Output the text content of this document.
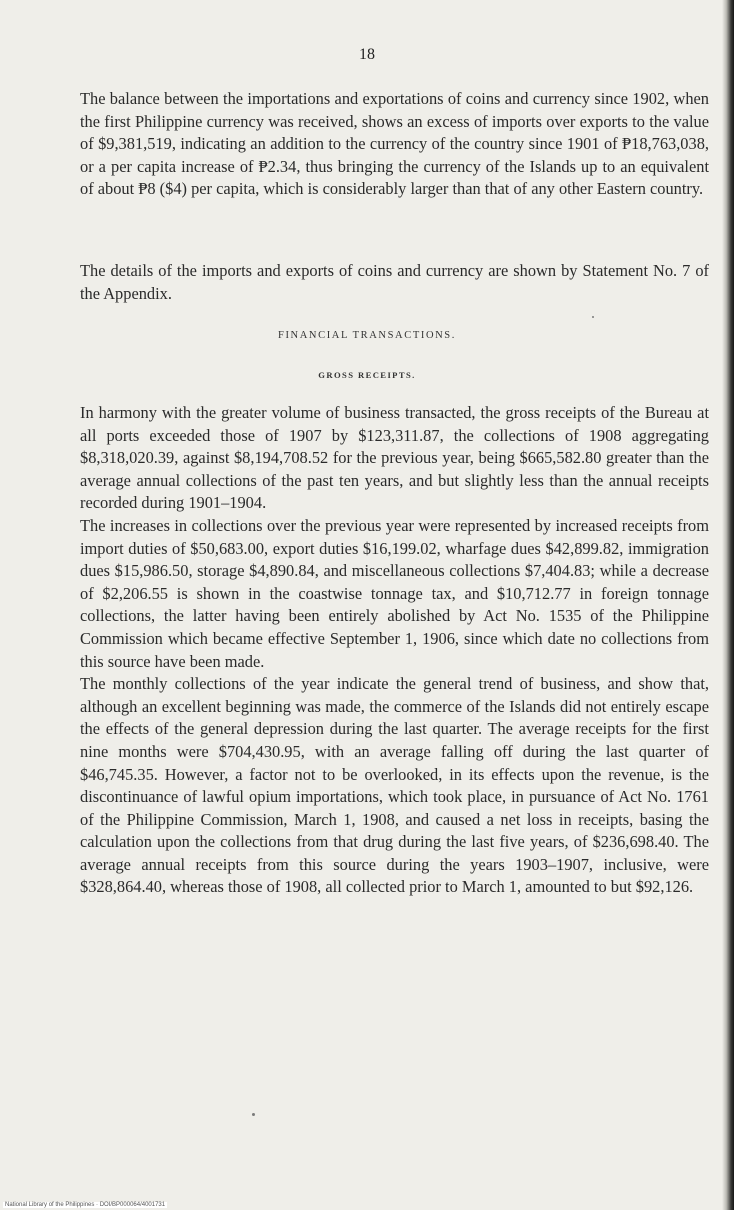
18

The balance between the importations and exportations of coins and currency since 1902, when the first Philippine currency was received, shows an excess of imports over exports to the value of $9,381,519, indicating an addition to the currency of the country since 1901 of ₱18,763,038, or a per capita increase of ₱2.34, thus bringing the currency of the Islands up to an equivalent of about ₱8 ($4) per capita, which is considerably larger than that of any other Eastern country.

The details of the imports and exports of coins and currency are shown by Statement No. 7 of the Appendix.

FINANCIAL TRANSACTIONS.
GROSS RECEIPTS.

In harmony with the greater volume of business transacted, the gross receipts of the Bureau at all ports exceeded those of 1907 by $123,311.87, the collections of 1908 aggregating $8,318,020.39, against $8,194,708.52 for the previous year, being $665,582.80 greater than the average annual collections of the past ten years, and but slightly less than the annual receipts recorded during 1901–1904.

The increases in collections over the previous year were represented by increased receipts from import duties of $50,683.00, export duties $16,199.02, wharfage dues $42,899.82, immigration dues $15,986.50, storage $4,890.84, and miscellaneous collections $7,404.83; while a decrease of $2,206.55 is shown in the coastwise tonnage tax, and $10,712.77 in foreign tonnage collections, the latter having been entirely abolished by Act No. 1535 of the Philippine Commission which became effective September 1, 1906, since which date no collections from this source have been made.

The monthly collections of the year indicate the general trend of business, and show that, although an excellent beginning was made, the commerce of the Islands did not entirely escape the effects of the general depression during the last quarter. The average receipts for the first nine months were $704,430.95, with an average falling off during the last quarter of $46,745.35. However, a factor not to be overlooked, in its effects upon the revenue, is the discontinuance of lawful opium importations, which took place, in pursuance of Act No. 1761 of the Philippine Commission, March 1, 1908, and caused a net loss in receipts, basing the calculation upon the collections from that drug during the last five years, of $236,698.40. The average annual receipts from this source during the years 1903–1907, inclusive, were $328,864.40, whereas those of 1908, all collected prior to March 1, amounted to but $92,126.

National Library of the Philippines · DOI/BP000064/4001731
